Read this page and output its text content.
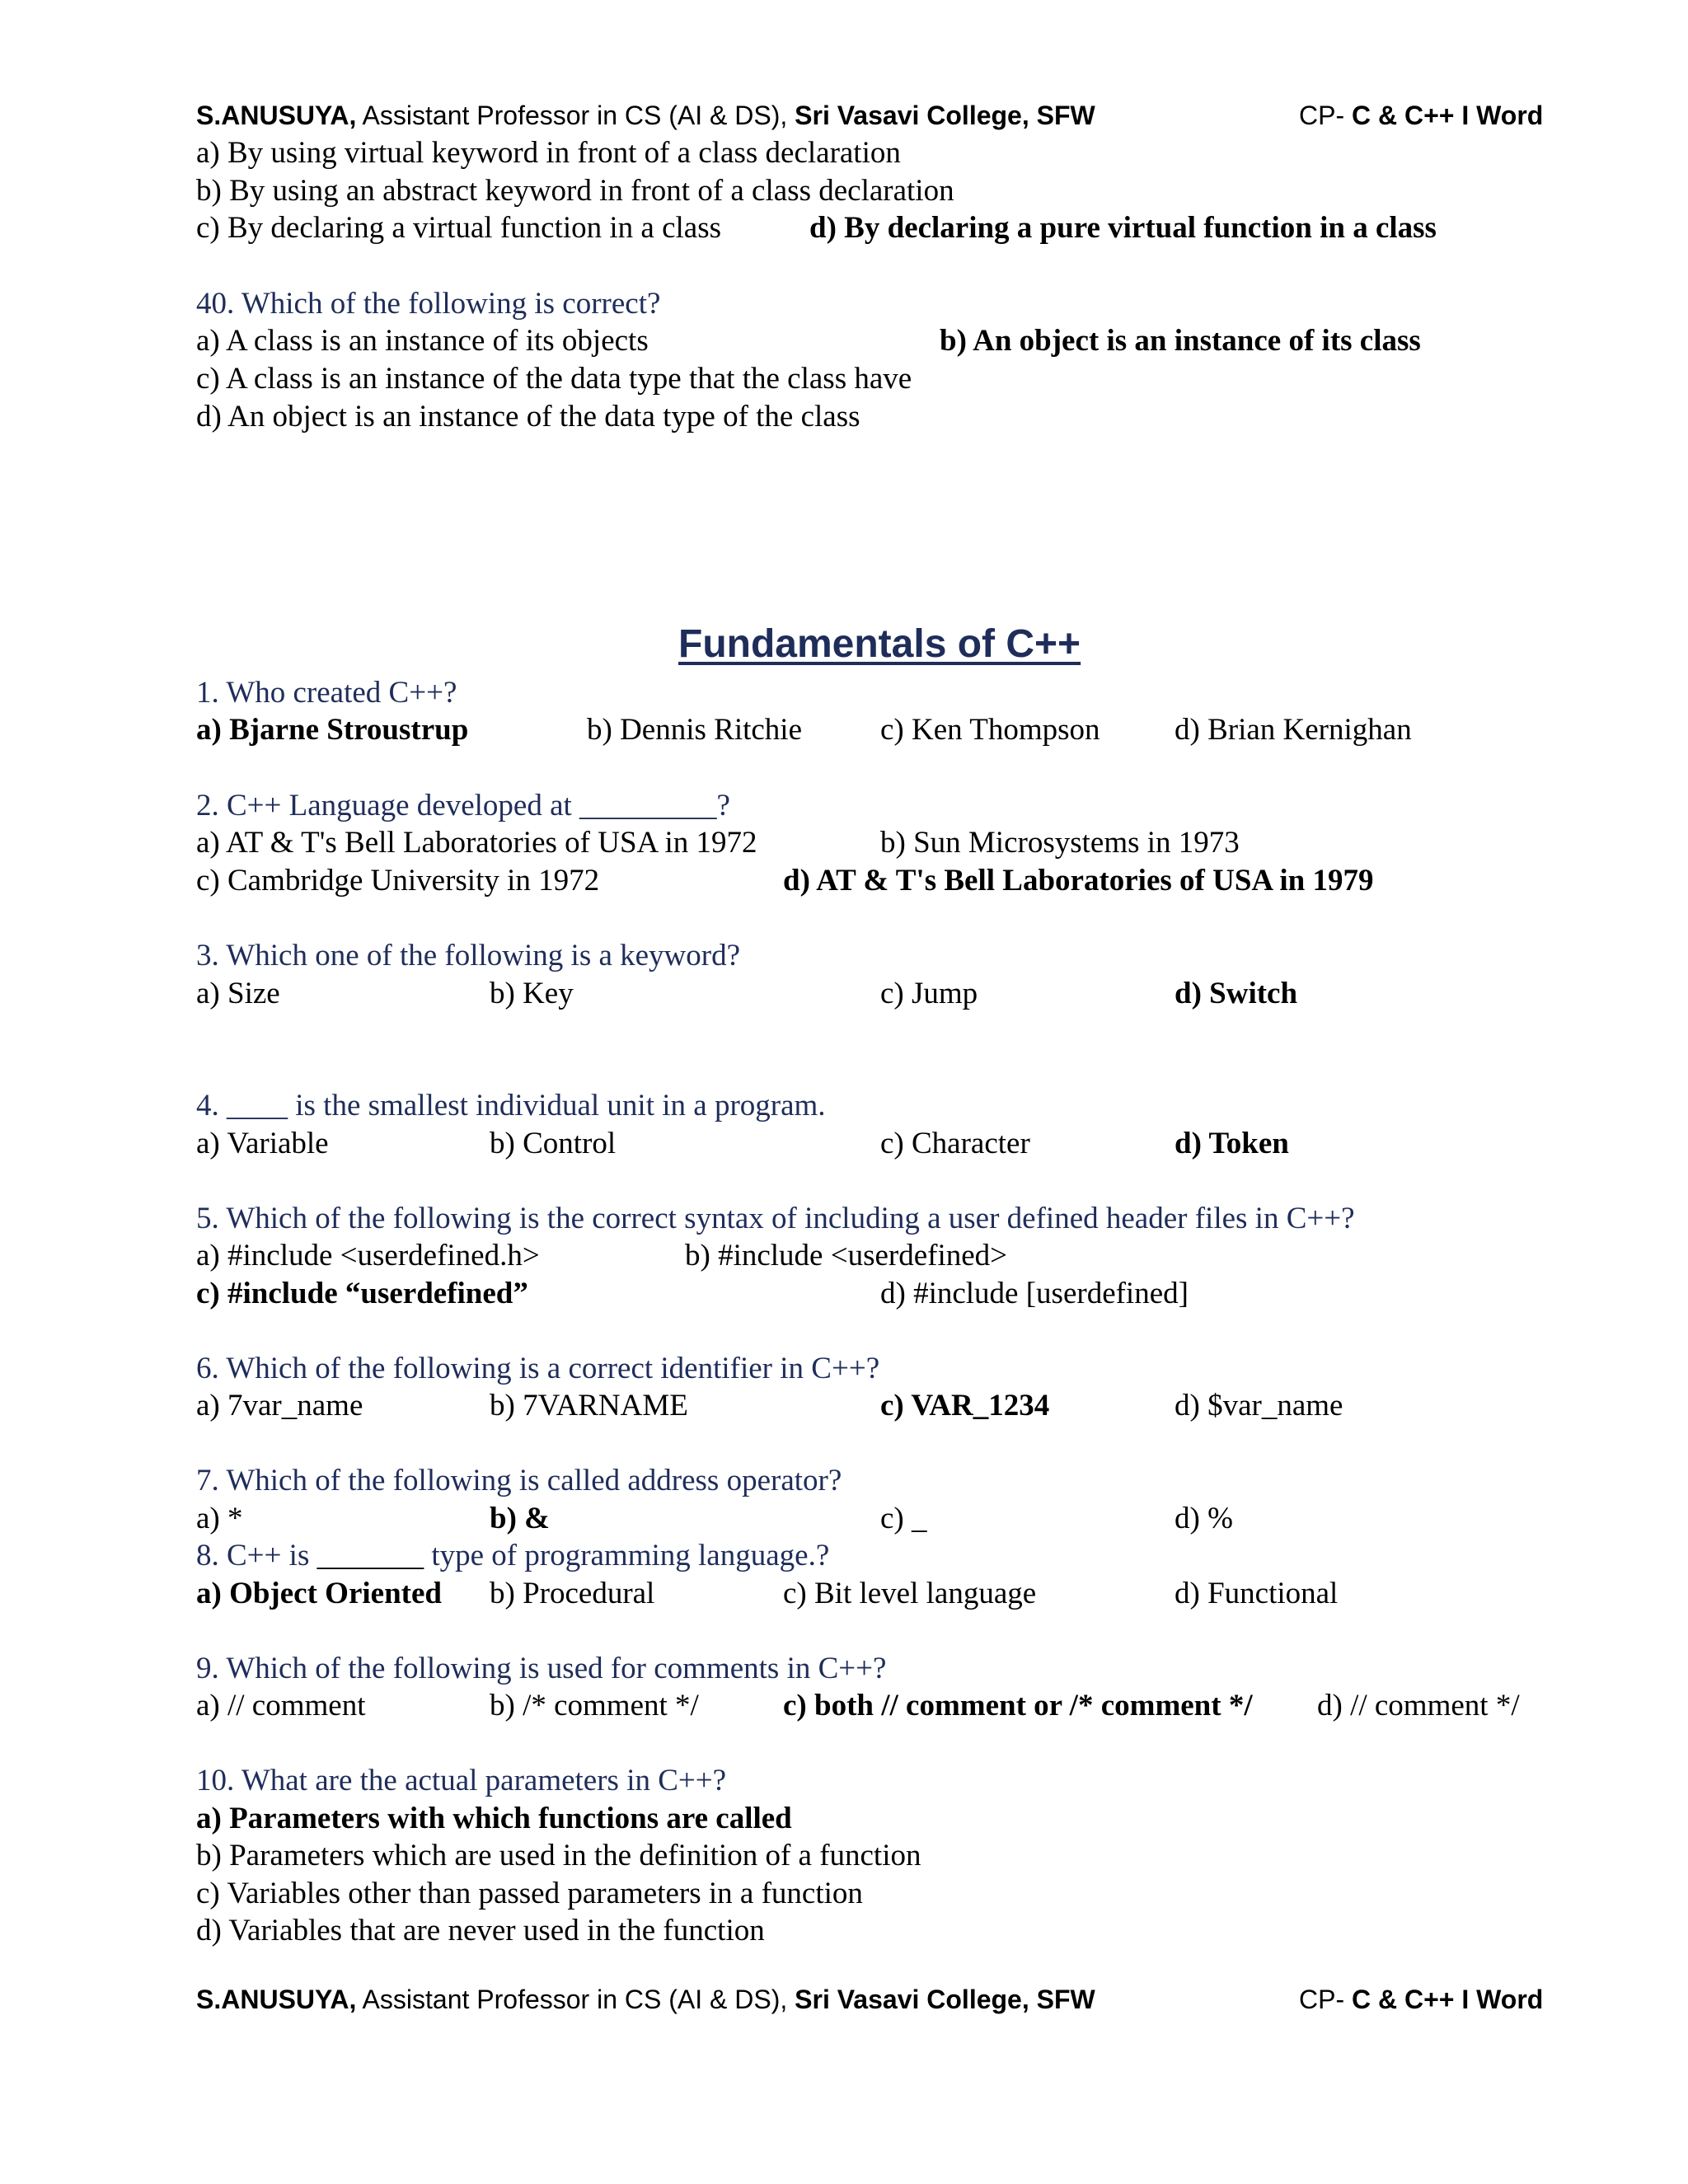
S.ANUSUYA, Assistant Professor in CS (AI & DS), Sri Vasavi College, SFW	CP- C & C++ I Word
a) By using virtual keyword in front of a class declaration
b) By using an abstract keyword in front of a class declaration
c) By declaring a virtual function in a class	d) By declaring a pure virtual function in a class
40. Which of the following is correct?
a) A class is an instance of its objects	b) An object is an instance of its class
c) A class is an instance of the data type that the class have
d) An object is an instance of the data type of the class
Fundamentals of C++
1. Who created C++?
a) Bjarne Stroustrup	b) Dennis Ritchie	c) Ken Thompson d) Brian Kernighan
2. C++ Language developed at _________?
a) AT & T's Bell Laboratories of USA in 1972	b) Sun Microsystems in 1973
c) Cambridge University in 1972	d) AT & T's Bell Laboratories of USA in 1979
3. Which one of the following is a keyword?
a) Size	b) Key	c) Jump	d) Switch
4. ____ is the smallest individual unit in a program.
a) Variable	b) Control	c) Character	d) Token
5. Which of the following is the correct syntax of including a user defined header files in C++?
a) #include <userdefined.h>	b) #include <userdefined>
c) #include “userdefined”	d) #include [userdefined]
6. Which of the following is a correct identifier in C++?
a) 7var_name	b) 7VARNAME	c) VAR_1234	d) $var_name
7. Which of the following is called address operator?
a) *	b) &	c) _	d) %
8. C++ is _______ type of programming language.?
a) Object Oriented b) Procedural	c) Bit level language	d) Functional
9. Which of the following is used for comments in C++?
a) // comment	b) /* comment */	c) both // comment or /* comment */ d) // comment */
10. What are the actual parameters in C++?
a) Parameters with which functions are called
b) Parameters which are used in the definition of a function
c) Variables other than passed parameters in a function
d) Variables that are never used in the function
S.ANUSUYA, Assistant Professor in CS (AI & DS), Sri Vasavi College, SFW	CP- C & C++ I Word
